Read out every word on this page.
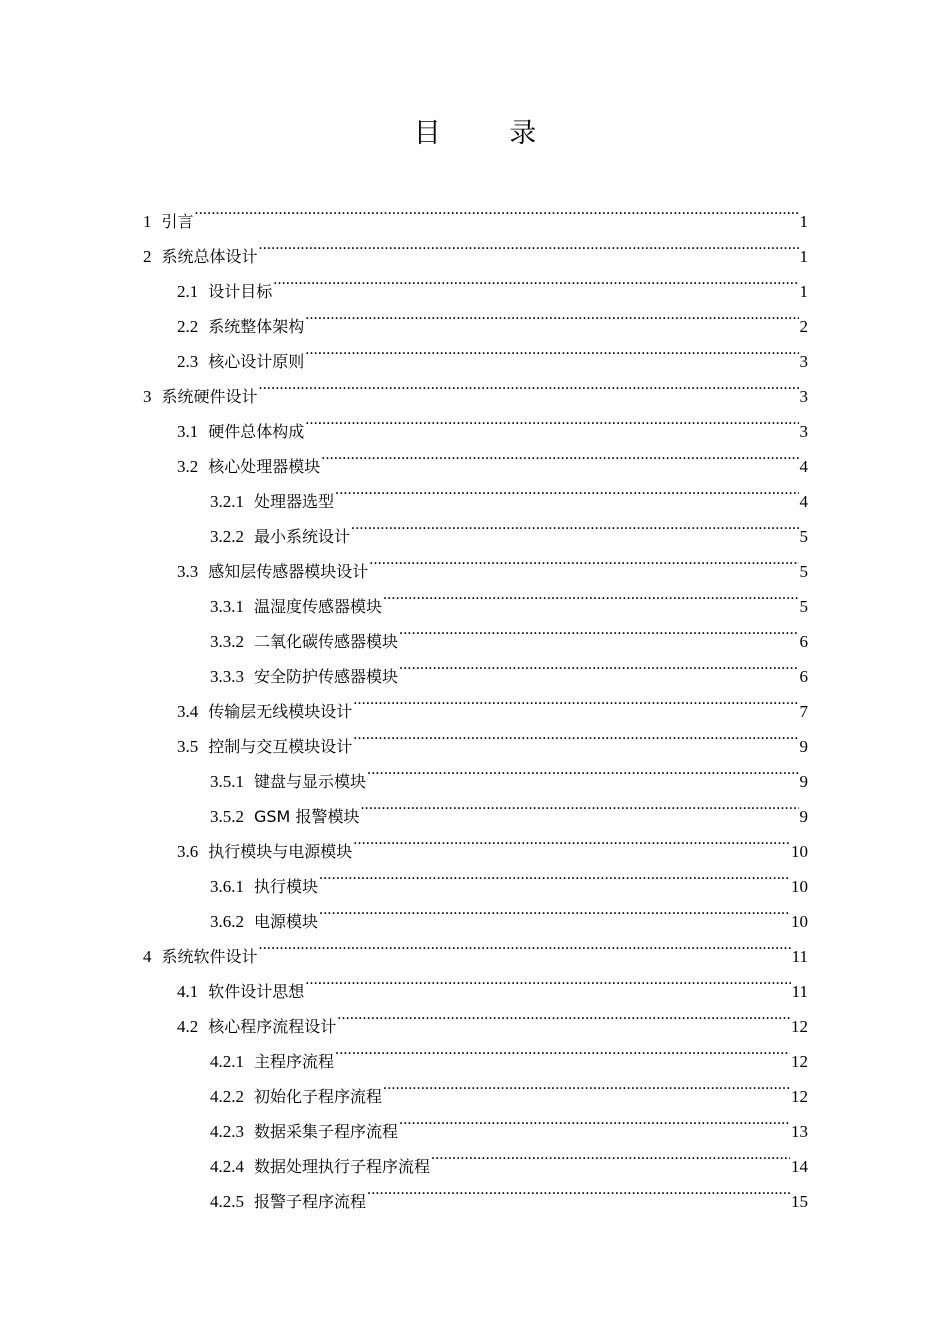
目 录
1 引言 .....	1
2 系统总体设计 .....	1
2.1 设计目标 .....	1
2.2 系统整体架构 .....	2
2.3 核心设计原则 .....	3
3 系统硬件设计 .....	3
3.1 硬件总体构成 .....	3
3.2 核心处理器模块 .....	4
3.2.1 处理器选型 .....	4
3.2.2 最小系统设计 .....	5
3.3 感知层传感器模块设计 .....	5
3.3.1 温湿度传感器模块 .....	5
3.3.2 二氧化碳传感器模块 .....	6
3.3.3 安全防护传感器模块 .....	6
3.4 传输层无线模块设计 .....	7
3.5 控制与交互模块设计 .....	9
3.5.1 键盘与显示模块 .....	9
3.5.2 GSM 报警模块 .....	9
3.6 执行模块与电源模块 .....	10
3.6.1 执行模块 .....	10
3.6.2 电源模块 .....	10
4 系统软件设计 .....	11
4.1 软件设计思想 .....	11
4.2 核心程序流程设计 .....	12
4.2.1 主程序流程 .....	12
4.2.2 初始化子程序流程 .....	12
4.2.3 数据采集子程序流程 .....	13
4.2.4 数据处理执行子程序流程 .....	14
4.2.5 报警子程序流程 .....	15
